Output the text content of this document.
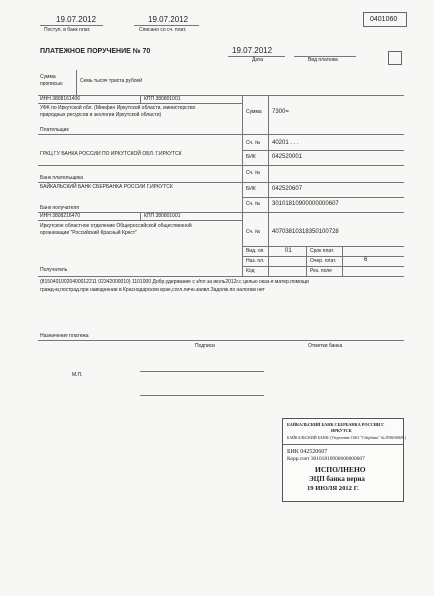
19.07.2012
Поступ. в банк плат.
19.07.2012
Списано со сч. плат.
0401060
ПЛАТЕЖНОЕ ПОРУЧЕНИЕ № 70	19.07.2012
Дата	Вид платежа
Сумма
прописью	Семь тысяч триста рублей
ИНН 3808161406	КПП 380801001
УФК по Иркутской обл. (Минфин Иркутской области, министерство
природных ресурсов и экологии Иркутской области)
Плательщик
Сумма 7300=
Сч. № 40201 . . .
ГРКЦ ГУ БАНКА РОССИИ ПО ИРКУТСКОЙ ОБЛ. Г.ИРКУТСК
Банк плательщика
БИК	042520001
Сч. №
БАЙКАЛЬСКИЙ БАНК СБЕРБАНКА РОССИИ Г.ИРКУТСК
Банк получателя
БИК	042520607
Сч. № 30101810900000000607
ИНН 3808216470	КПП 380801001
Иркутское областное отделение Общероссийской общественной
организации "Российский Красный Крест"
Получатель
Сч. № 40703810318350100728
Вид. оп.	01	Срок плат.
Наз. пл.	Очер. плат.	6
Код	Рез. поле
(81504010020400012211 02342000010) 1101000 Добр.удержание с з/пл за июль2012г.с целью оказ-я матер.помощи
гражд-м,пострад.при наводнении в Краснодарском крае,согл.личн.заявл.Задолж.по налогам нет
Назначение платежа
Подписи	Отметки банка
М.П.
БАЙКАЛЬСКИЙ БАНК СБЕРБАНКА РОССИИ Г.
ИРКУТСК
БАЙКАЛЬСКИЙ БАНК/ (Отделение ОАО "Сбербанк" № 8586/00691)
БИК 042520607
Корр.счет 30101810900000000607
ИСПОЛНЕНО
ЭЦП банка верна
19 ИЮЛЯ 2012 Г.
